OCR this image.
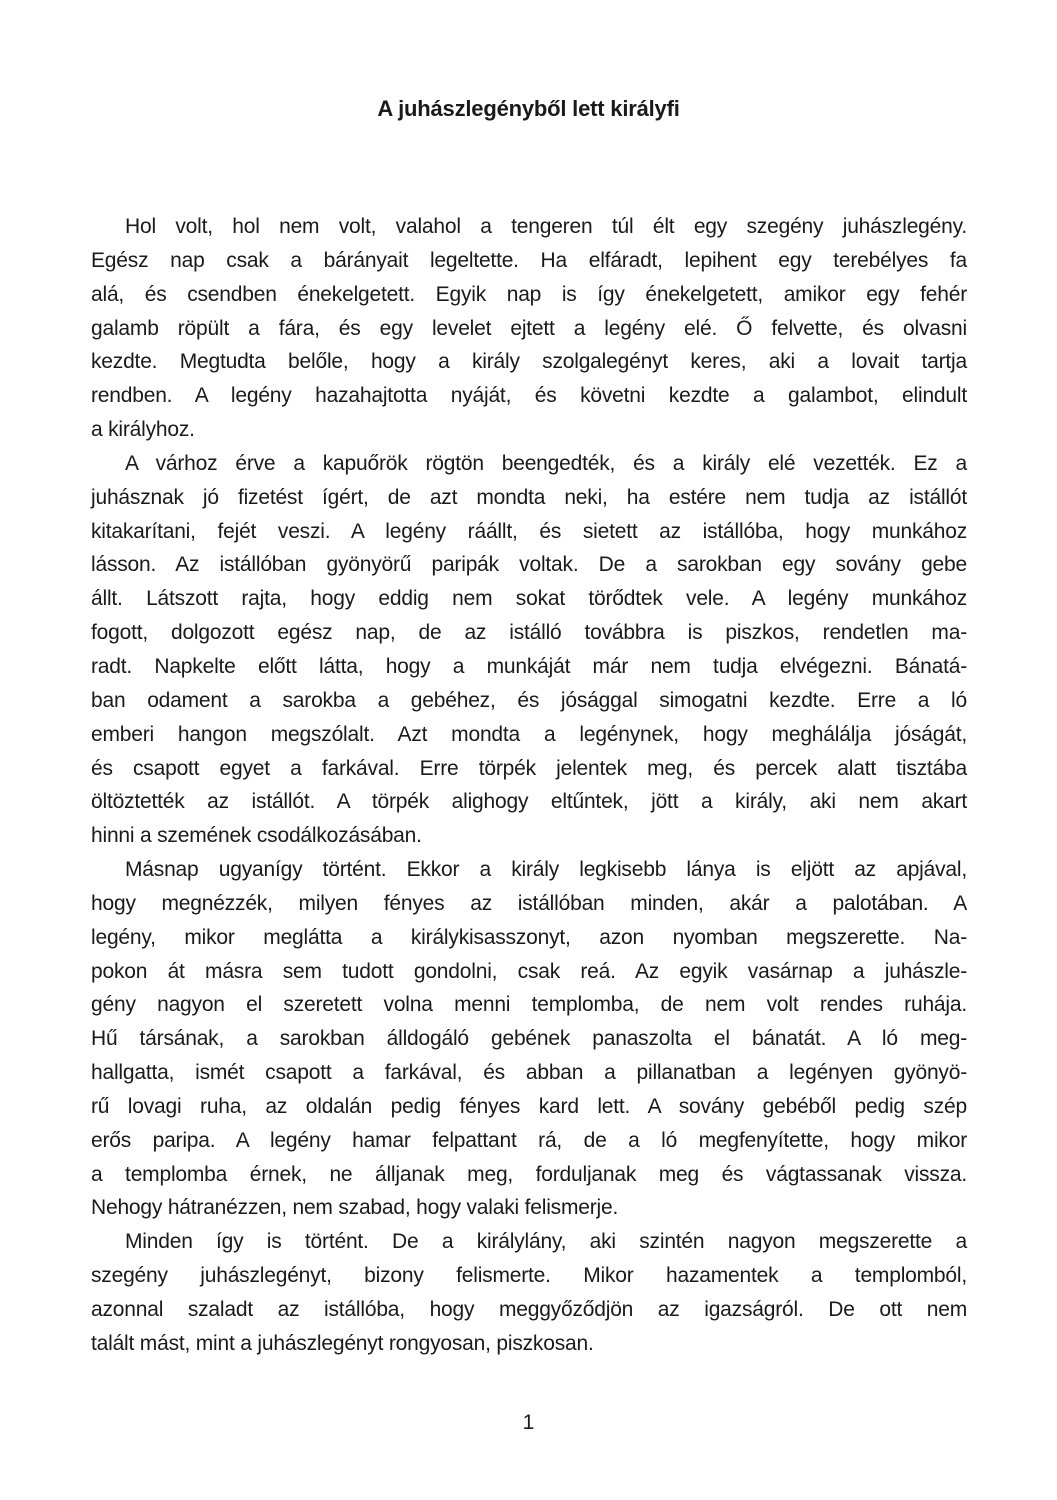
A juhászlegényből lett királyfi
Hol volt, hol nem volt, valahol a tengeren túl élt egy szegény juhászlegény.
Egész nap csak a bárányait legeltette. Ha elfáradt, lepihent egy terebélyes fa
alá, és csendben énekelgetett. Egyik nap is így énekelgetett, amikor egy fehér
galamb röpült a fára, és egy levelet ejtett a legény elé. Ő felvette, és olvasni
kezdte. Megtudta belőle, hogy a király szolgalegényt keres, aki a lovait tartja
rendben. A legény hazahajtotta nyáját, és követni kezdte a galambot, elindult
a királyhoz.
A várhoz érve a kapuőrök rögtön beengedték, és a király elé vezették. Ez a
juhásznak jó fizetést ígért, de azt mondta neki, ha estére nem tudja az istállót
kitakarítani, fejét veszi. A legény ráállt, és sietett az istállóba, hogy munkához
lásson. Az istállóban gyönyörű paripák voltak. De a sarokban egy sovány gebe
állt. Látszott rajta, hogy eddig nem sokat törődtek vele. A legény munkához
fogott, dolgozott egész nap, de az istálló továbbra is piszkos, rendetlen ma-
radt. Napkelte előtt látta, hogy a munkáját már nem tudja elvégezni. Bánatá-
ban odament a sarokba a gebéhez, és jósággal simogatni kezdte. Erre a ló
emberi hangon megszólalt. Azt mondta a legénynek, hogy meghálálja jóságát,
és csapott egyet a farkával. Erre törpék jelentek meg, és percek alatt tisztába
öltöztették az istállót. A törpék alighogy eltűntek, jött a király, aki nem akart
hinni a szemének csodálkozásában.
Másnap ugyanígy történt. Ekkor a király legkisebb lánya is eljött az apjával,
hogy megnézzék, milyen fényes az istállóban minden, akár a palotában. A
legény, mikor meglátta a királykisasszonyt, azon nyomban megszerette. Na-
pokon át másra sem tudott gondolni, csak reá. Az egyik vasárnap a juhászle-
gény nagyon el szeretett volna menni templomba, de nem volt rendes ruhája.
Hű társának, a sarokban álldogáló gebének panaszolta el bánatát. A ló meg-
hallgatta, ismét csapott a farkával, és abban a pillanatban a legényen gyönyö-
rű lovagi ruha, az oldalán pedig fényes kard lett. A sovány gebéből pedig szép
erős paripa. A legény hamar felpattant rá, de a ló megfenyítette, hogy mikor
a templomba érnek, ne álljanak meg, forduljanak meg és vágtassanak vissza.
Nehogy hátranézzen, nem szabad, hogy valaki felismerje.
Minden így is történt. De a királylány, aki szintén nagyon megszerette a
szegény juhászlegényt, bizony felismerte. Mikor hazamentek a templomból,
azonnal szaladt az istállóba, hogy meggyőződjön az igazságról. De ott nem
talált mást, mint a juhászlegényt rongyosan, piszkosan.
1
